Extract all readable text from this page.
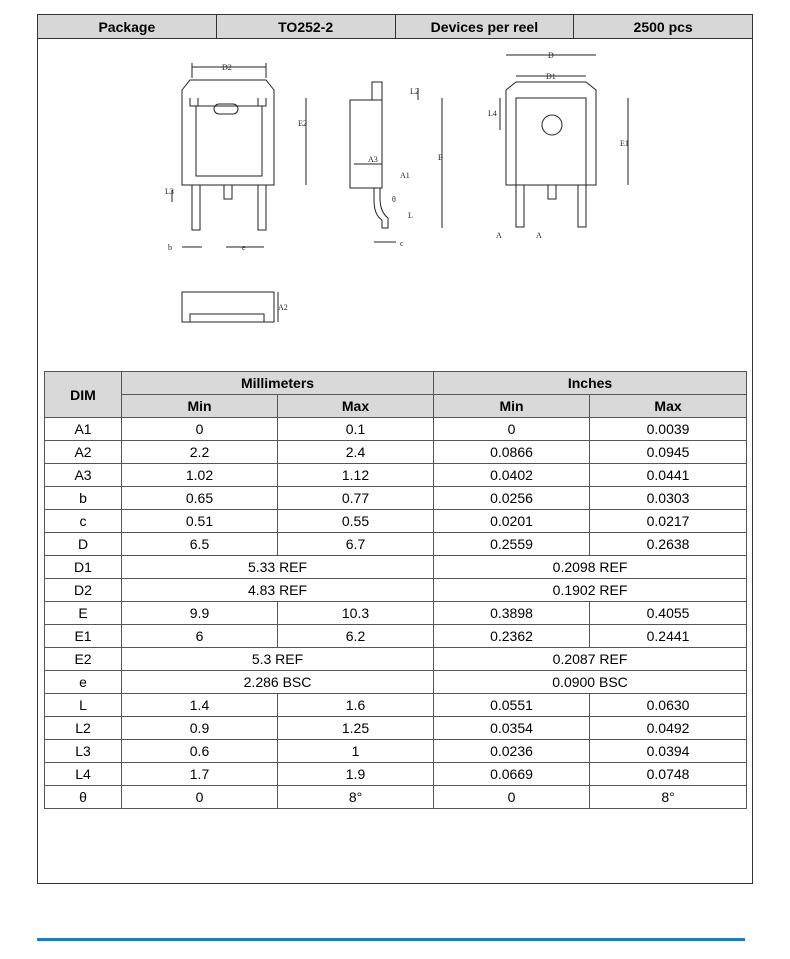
Package	TO252-2	Devices per reel	2500 pcs
D2
E2
L3
b	e
L2
E
A3
A1
θ
L
c
D
D1
L4
E1
A	A
A2
DIM	Millimeters		Inches	
	Min	Max	Min	Max
A1	0	0.1	0	0.0039
A2	2.2	2.4	0.0866	0.0945
A3	1.02	1.12	0.0402	0.0441
b	0.65	0.77	0.0256	0.0303
c	0.51	0.55	0.0201	0.0217
D	6.5	6.7	0.2559	0.2638
D1	5.33 REF		0.2098 REF	
D2	4.83 REF		0.1902 REF	
E	9.9	10.3	0.3898	0.4055
E1	6	6.2	0.2362	0.2441
E2	5.3 REF		0.2087 REF	
e	2.286 BSC		0.0900 BSC	
L	1.4	1.6	0.0551	0.0630
L2	0.9	1.25	0.0354	0.0492
L3	0.6	1	0.0236	0.0394
L4	1.7	1.9	0.0669	0.0748
θ	0	8°	0	8°
